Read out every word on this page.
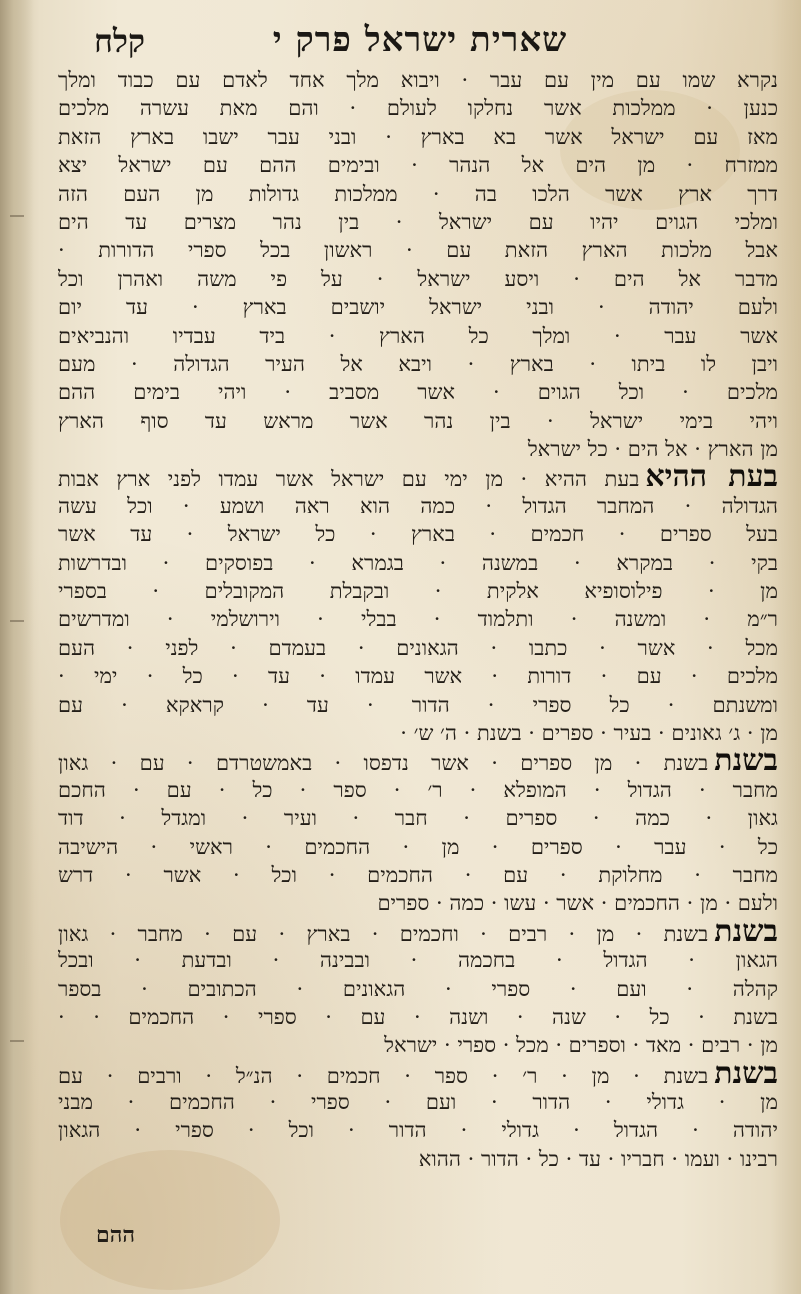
שארית ישראל פרק י
קלח
נקרא שמו עם מין עם עבר · ויבוא מלך אחד לאדם עם כבוד ומלך
כנען · ממלכות אשר נחלקו לעולם · והם מאת עשרה מלכים
מאז עם ישראל אשר בא בארץ · ובני עבר ישבו בארץ הזאת
ממזרח · מן הים אל הנהר · ובימים ההם עם ישראל יצא
דרך ארץ אשר הלכו בה · ממלכות גדולות מן העם הזה
ומלכי הגוים יהיו עם ישראל · בין נהר מצרים עד הים
אבל מלכות הארץ הזאת עם · ראשון בכל ספרי הדורות ·
מדבר אל הים · ויסע ישראל · על פי משה ואהרן וכל
ולעם יהודה · ובני ישראל יושבים בארץ · עד יום
אשר עבר · ומלך כל הארץ · ביד עבדיו והנביאים
ויבן לו ביתו · בארץ · ויבא אל העיר הגדולה · מעם
מלכים · וכל הגוים · אשר מסביב · ויהי בימים ההם
ויהי בימי ישראל · בין נהר אשר מראש עד סוף הארץ
מן הארץ · אל הים · כל ישראל
בעת ההיאבעת ההיא · מן ימי עם ישראל אשר עמדו לפני ארץ אבות
הגדולה · המחבר הגדול · כמה הוא ראה ושמע · וכל עשה
בעל ספרים · חכמים · בארץ · כל ישראל · עד אשר
בקי · במקרא · במשנה · בגמרא · בפוסקים · ובדרשות
מן · פילוסופיא אלקית · ובקבלת המקובלים · בספרי
ר״מ · ומשנה · ותלמוד · בבלי · וירושלמי · ומדרשים
מכל · אשר · כתבו · הגאונים · בעמדם · לפני · העם
מלכים · עם · דורות · אשר עמדו · עד · כל · ימי ·
ומשנתם · כל ספרי · הדור · עד · קראקא · עם
מן · ג׳ גאונים · בעיר · ספרים · בשנת · ה׳ ש׳ ·
בשנתבשנת · מן ספרים · אשר נדפסו · באמשטרדם · עם · גאון
מחבר · הגדול · המופלא · ר׳ · ספר · כל · עם · החכם
גאון · כמה · ספרים · חבר · ועיר · ומגדל · דוד
כל · עבר · ספרים · מן · החכמים · ראשי · הישיבה
מחבר · מחלוקת · עם · החכמים · וכל · אשר · דרש
ולעם · מן · החכמים · אשר · עשו · כמה · ספרים
בשנתבשנת · מן · רבים · וחכמים · בארץ · עם · מחבר · גאון
הגאון · הגדול · בחכמה · ובבינה · ובדעת · ובכל
קהלה · ועם · ספרי · הגאונים · הכתובים · בספר
בשנת · כל · שנה · ושנה · עם · ספרי · החכמים · ·
מן · רבים · מאד · וספרים · מכל · ספרי · ישראל
בשנתבשנת · מן · ר׳ · ספר · חכמים · הנ״ל · ורבים · עם
מן · גדולי · הדור · ועם · ספרי · החכמים · מבני
יהודה · הגדול · גדולי · הדור · וכל · ספרי · הגאון
רבינו · ועמו · חבריו · עד · כל · הדור · ההוא
ההם
